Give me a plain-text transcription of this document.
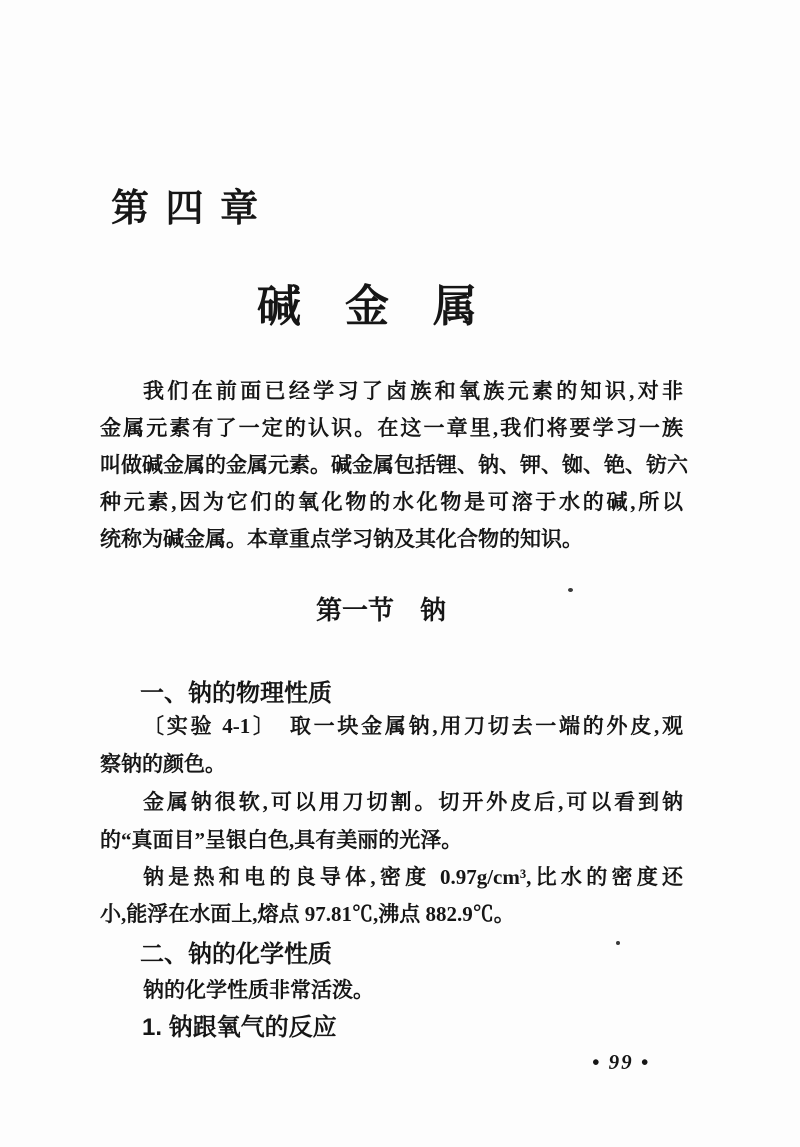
第 四 章
碱　金　属
我们在前面已经学习了卤族和氧族元素的知识,对非
金属元素有了一定的认识。在这一章里,我们将要学习一族
叫做碱金属的金属元素。碱金属包括锂、钠、钾、铷、铯、钫六
种元素,因为它们的氧化物的水化物是可溶于水的碱,所以
统称为碱金属。本章重点学习钠及其化合物的知识。
第一节　钠
一、钠的物理性质
〔实验 4-1〕　取一块金属钠,用刀切去一端的外皮,观
察钠的颜色。
金属钠很软,可以用刀切割。切开外皮后,可以看到钠
的“真面目”呈银白色,具有美丽的光泽。
钠是热和电的良导体,密度 0.97g/cm³,比水的密度还
小,能浮在水面上,熔点 97.81℃,沸点 882.9℃。
二、钠的化学性质
钠的化学性质非常活泼。
1. 钠跟氧气的反应
• 99 •
